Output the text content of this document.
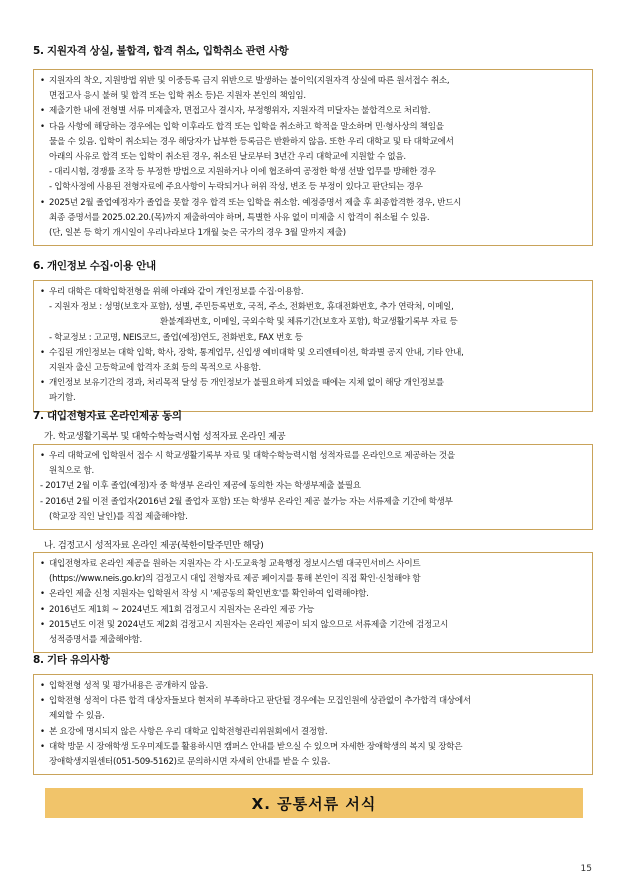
5. 지원자격 상실, 불합격, 합격 취소, 입학취소 관련 사항
• 지원자의 착오, 지원방법 위반 및 이중등록 금지 위반으로 발생하는 불이익(지원자격 상실에 따른 원서접수 취소,
면접고사 응시 불허 및 합격 또는 입학 취소 등)은 지원자 본인의 책임임.
• 제출기한 내에 전형별 서류 미제출자, 면접고사 결시자, 부정행위자, 지원자격 미달자는 불합격으로 처리함.
• 다음 사항에 해당하는 경우에는 입학 이후라도 합격 또는 입학을 취소하고 학적을 말소하며 민·형사상의 책임을
물을 수 있음. 입학이 취소되는 경우 해당자가 납부한 등록금은 반환하지 않음. 또한 우리 대학교 및 타 대학교에서
아래의 사유로 합격 또는 입학이 취소된 경우, 취소된 날로부터 3년간 우리 대학교에 지원할 수 없음.
- 대리시험, 경쟁률 조작 등 부정한 방법으로 지원하거나 이에 협조하여 공정한 학생 선발 업무를 방해한 경우
- 입학사정에 사용된 전형자료에 주요사항이 누락되거나 허위 작성, 변조 등 부정이 있다고 판단되는 경우
• 2025년 2월 졸업예정자가 졸업을 못할 경우 합격 또는 입학을 취소함. 예정증명서 제출 후 최종합격한 경우, 반드시
최종 증명서를 2025.02.20.(목)까지 제출하여야 하며, 특별한 사유 없이 미제출 시 합격이 취소될 수 있음.
(단, 일본 등 학기 개시일이 우리나라보다 1개월 늦은 국가의 경우 3월 말까지 제출)
6. 개인정보 수집·이용 안내
• 우리 대학은 대학입학전형을 위해 아래와 같이 개인정보를 수집·이용함.
- 지원자 정보 : 성명(보호자 포함), 성별, 주민등록번호, 국적, 주소, 전화번호, 휴대전화번호, 추가 연락처, 이메일,
환불계좌번호, 이메일, 국외수학 및 체류기간(보호자 포함), 학교생활기록부 자료 등
- 학교정보 : 고교명, NEIS코드, 졸업(예정)연도, 전화번호, FAX 번호 등
• 수집된 개인정보는 대학 입학, 학사, 장학, 통계업무, 신입생 예비대학 및 오리엔테이션, 학과별 공지 안내, 기타 안내,
지원자 출신 고등학교에 합격자 조회 등의 목적으로 사용함.
• 개인정보 보유기간의 경과, 처리목적 달성 등 개인정보가 불필요하게 되었을 때에는 지체 없이 해당 개인정보를
파기함.
7. 대입전형자료 온라인제공 동의
가. 학교생활기록부 및 대학수학능력시험 성적자료 온라인 제공
• 우리 대학교에 입학원서 접수 시 학교생활기록부 자료 및 대학수학능력시험 성적자료를 온라인으로 제공하는 것을
원칙으로 함.
- 2017년 2월 이후 졸업(예정)자 중 학생부 온라인 제공에 동의한 자는 학생부제출 불필요
- 2016년 2월 이전 졸업자(2016년 2월 졸업자 포함) 또는 학생부 온라인 제공 불가능 자는 서류제출 기간에 학생부
(학교장 직인 날인)를 직접 제출해야함.
나. 검정고시 성적자료 온라인 제공(북한이탈주민만 해당)
• 대입전형자료 온라인 제공을 원하는 지원자는 각 시·도교육청 교육행정 정보시스템 대국민서비스 사이트
(https://www.neis.go.kr)의 검정고시 대입 전형자료 제공 페이지를 통해 본인이 직접 확인·신청해야 함
• 온라인 제출 신청 지원자는 입학원서 작성 시 '제공동의 확인번호'를 확인하여 입력해야함.
• 2016년도 제1회 ~ 2024년도 제1회 검정고시 지원자는 온라인 제공 가능
• 2015년도 이전 및 2024년도 제2회 검정고시 지원자는 온라인 제공이 되지 않으므로 서류제출 기간에 검정고시
성적증명서를 제출해야함.
8. 기타 유의사항
• 입학전형 성적 및 평가내용은 공개하지 않음.
• 입학전형 성적이 다른 합격 대상자들보다 현저히 부족하다고 판단될 경우에는 모집인원에 상관없이 추가합격 대상에서
제외할 수 있음.
• 본 요강에 명시되지 않은 사항은 우리 대학교 입학전형관리위원회에서 결정함.
• 대학 방문 시 장애학생 도우미제도를 활용하시면 캠퍼스 안내를 받으실 수 있으며 자세한 장애학생의 복지 및 장학은
장애학생지원센터(051-509-5162)로 문의하시면 자세히 안내를 받을 수 있음.
X. 공통서류 서식
15
